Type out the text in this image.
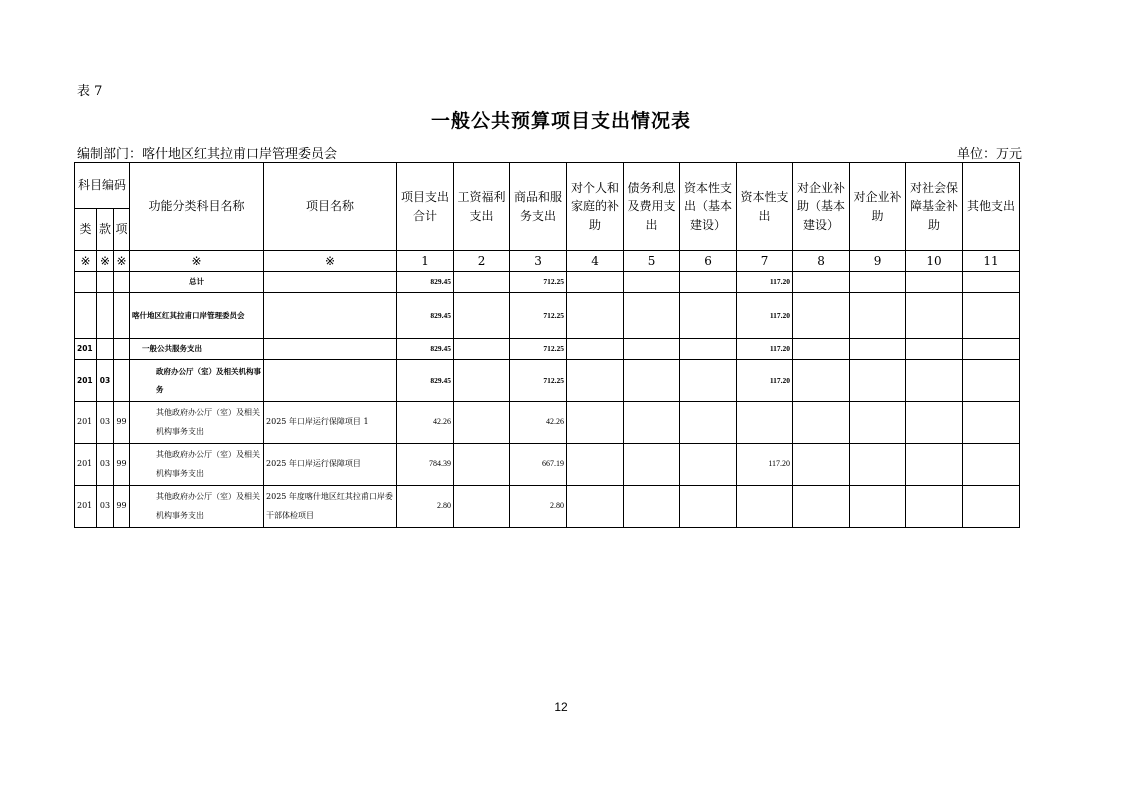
表 7
一般公共预算项目支出情况表
编制部门：喀什地区红其拉甫口岸管理委员会	单位：万元
科目编码			功能分类科目名称	项目名称	项目支出合计	工资福利支出	商品和服务支出	对个人和家庭的补助	债务利息及费用支出	资本性支出（基本建设）	资本性支出	对企业补助（基本建设）	对企业补助	对社会保障基金补助	其他支出
类	款	项													
※	※	※	※	※	1	2	3	4	5	6	7	8	9	10	11
			总计		829.45		712.25				117.20				
			喀什地区红其拉甫口岸管理委员会		829.45		712.25				117.20				
201			一般公共服务支出		829.45		712.25				117.20				
201	03		政府办公厅（室）及相关机构事务		829.45		712.25				117.20				
201	03	99	其他政府办公厅（室）及相关机构事务支出	2025 年口岸运行保障项目 1	42.26		42.26								
201	03	99	其他政府办公厅（室）及相关机构事务支出	2025 年口岸运行保障项目	784.39		667.19				117.20				
201	03	99	其他政府办公厅（室）及相关机构事务支出	2025 年度喀什地区红其拉甫口岸委干部体检项目	2.80		2.80								
12
